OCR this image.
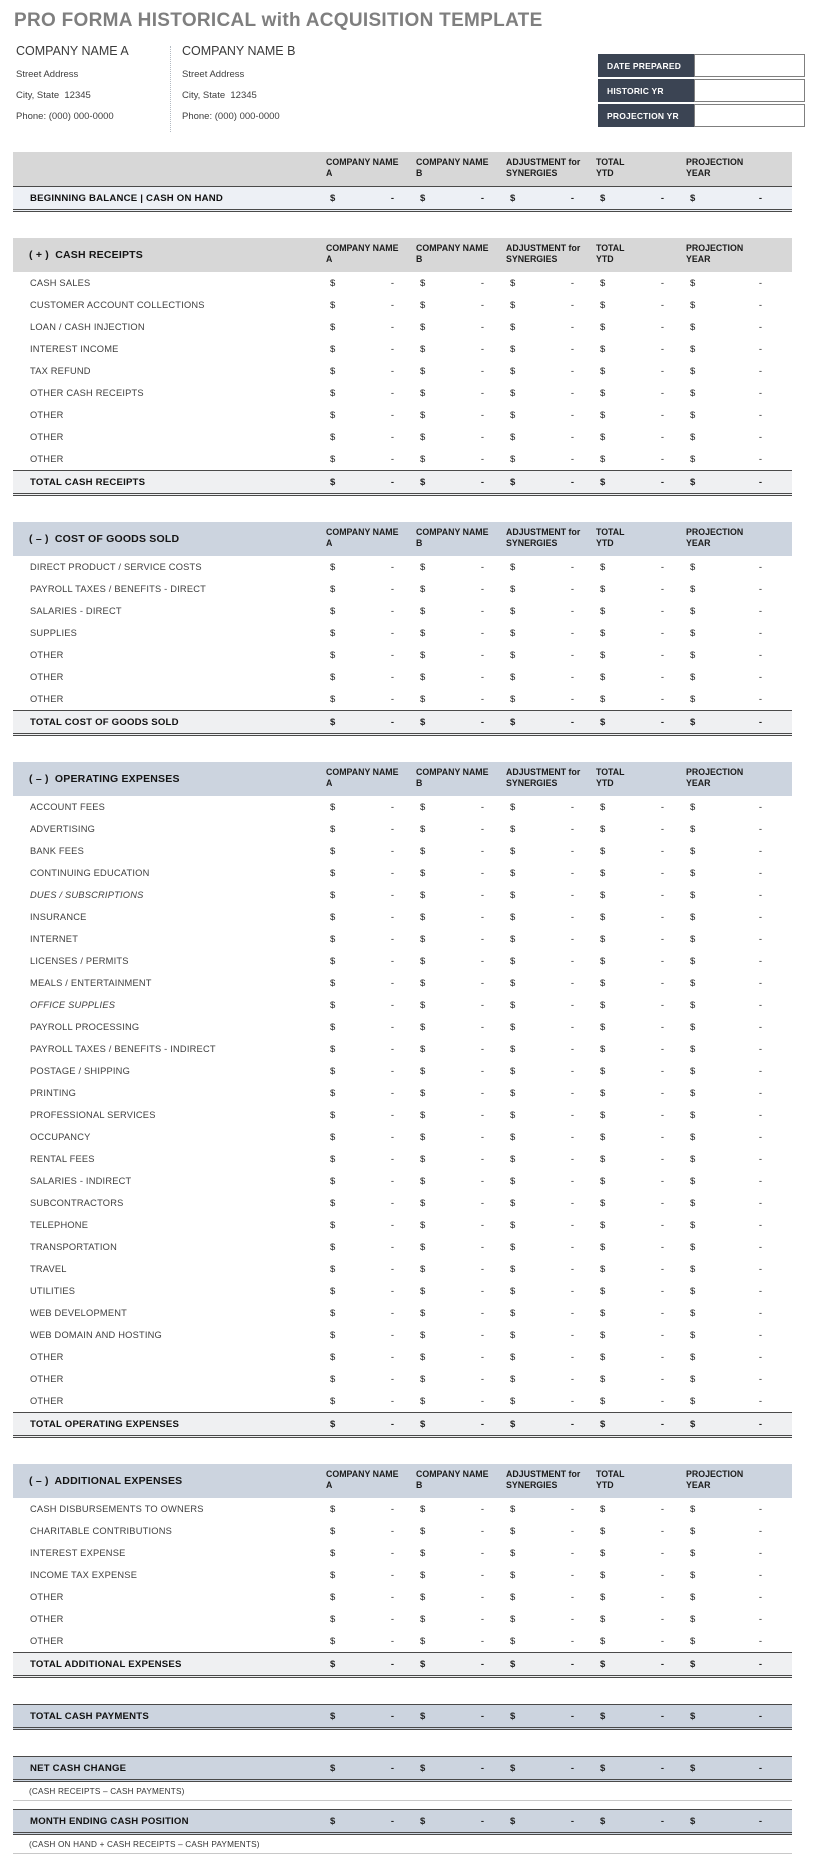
PRO FORMA HISTORICAL with ACQUISITION TEMPLATE
COMPANY NAME A
Street Address
City, State  12345
Phone: (000) 000-0000
COMPANY NAME B
Street Address
City, State  12345
Phone: (000) 000-0000
DATE PREPARED
HISTORIC YR
PROJECTION YR
COMPANY NAME
A
COMPANY NAME
B
ADJUSTMENT for
SYNERGIES
TOTAL
YTD
PROJECTION
YEAR
BEGINNING BALANCE | CASH ON HAND	$	-	$	-	$	-	$	-	$	-
( + )  CASH RECEIPTS
COMPANY NAME
A
COMPANY NAME
B
ADJUSTMENT for
SYNERGIES
TOTAL
YTD
PROJECTION
YEAR
CASH SALES	$	-	$	-	$	-	$	-	$	-
CUSTOMER ACCOUNT COLLECTIONS	$	-	$	-	$	-	$	-	$	-
LOAN / CASH INJECTION	$	-	$	-	$	-	$	-	$	-
INTEREST INCOME	$	-	$	-	$	-	$	-	$	-
TAX REFUND	$	-	$	-	$	-	$	-	$	-
OTHER CASH RECEIPTS	$	-	$	-	$	-	$	-	$	-
OTHER	$	-	$	-	$	-	$	-	$	-
OTHER	$	-	$	-	$	-	$	-	$	-
OTHER	$	-	$	-	$	-	$	-	$	-
TOTAL CASH RECEIPTS	$	-	$	-	$	-	$	-	$	-
( – )  COST OF GOODS SOLD
COMPANY NAME
A
COMPANY NAME
B
ADJUSTMENT for
SYNERGIES
TOTAL
YTD
PROJECTION
YEAR
DIRECT PRODUCT / SERVICE COSTS	$	-	$	-	$	-	$	-	$	-
PAYROLL TAXES / BENEFITS - DIRECT	$	-	$	-	$	-	$	-	$	-
SALARIES - DIRECT	$	-	$	-	$	-	$	-	$	-
SUPPLIES	$	-	$	-	$	-	$	-	$	-
OTHER	$	-	$	-	$	-	$	-	$	-
OTHER	$	-	$	-	$	-	$	-	$	-
OTHER	$	-	$	-	$	-	$	-	$	-
TOTAL COST OF GOODS SOLD	$	-	$	-	$	-	$	-	$	-
( – )  OPERATING EXPENSES
COMPANY NAME
A
COMPANY NAME
B
ADJUSTMENT for
SYNERGIES
TOTAL
YTD
PROJECTION
YEAR
ACCOUNT FEES	$	-	$	-	$	-	$	-	$	-
ADVERTISING	$	-	$	-	$	-	$	-	$	-
BANK FEES	$	-	$	-	$	-	$	-	$	-
CONTINUING EDUCATION	$	-	$	-	$	-	$	-	$	-
DUES / SUBSCRIPTIONS	$	-	$	-	$	-	$	-	$	-
INSURANCE	$	-	$	-	$	-	$	-	$	-
INTERNET	$	-	$	-	$	-	$	-	$	-
LICENSES / PERMITS	$	-	$	-	$	-	$	-	$	-
MEALS / ENTERTAINMENT	$	-	$	-	$	-	$	-	$	-
OFFICE SUPPLIES	$	-	$	-	$	-	$	-	$	-
PAYROLL PROCESSING	$	-	$	-	$	-	$	-	$	-
PAYROLL TAXES / BENEFITS - INDIRECT	$	-	$	-	$	-	$	-	$	-
POSTAGE / SHIPPING	$	-	$	-	$	-	$	-	$	-
PRINTING	$	-	$	-	$	-	$	-	$	-
PROFESSIONAL SERVICES	$	-	$	-	$	-	$	-	$	-
OCCUPANCY	$	-	$	-	$	-	$	-	$	-
RENTAL FEES	$	-	$	-	$	-	$	-	$	-
SALARIES - INDIRECT	$	-	$	-	$	-	$	-	$	-
SUBCONTRACTORS	$	-	$	-	$	-	$	-	$	-
TELEPHONE	$	-	$	-	$	-	$	-	$	-
TRANSPORTATION	$	-	$	-	$	-	$	-	$	-
TRAVEL	$	-	$	-	$	-	$	-	$	-
UTILITIES	$	-	$	-	$	-	$	-	$	-
WEB DEVELOPMENT	$	-	$	-	$	-	$	-	$	-
WEB DOMAIN AND HOSTING	$	-	$	-	$	-	$	-	$	-
OTHER	$	-	$	-	$	-	$	-	$	-
OTHER	$	-	$	-	$	-	$	-	$	-
OTHER	$	-	$	-	$	-	$	-	$	-
TOTAL OPERATING EXPENSES	$	-	$	-	$	-	$	-	$	-
( – )  ADDITIONAL EXPENSES
COMPANY NAME
A
COMPANY NAME
B
ADJUSTMENT for
SYNERGIES
TOTAL
YTD
PROJECTION
YEAR
CASH DISBURSEMENTS TO OWNERS	$	-	$	-	$	-	$	-	$	-
CHARITABLE CONTRIBUTIONS	$	-	$	-	$	-	$	-	$	-
INTEREST EXPENSE	$	-	$	-	$	-	$	-	$	-
INCOME TAX EXPENSE	$	-	$	-	$	-	$	-	$	-
OTHER	$	-	$	-	$	-	$	-	$	-
OTHER	$	-	$	-	$	-	$	-	$	-
OTHER	$	-	$	-	$	-	$	-	$	-
TOTAL ADDITIONAL EXPENSES	$	-	$	-	$	-	$	-	$	-
TOTAL CASH PAYMENTS	$	-	$	-	$	-	$	-	$	-
NET CASH CHANGE	$	-	$	-	$	-	$	-	$	-
(CASH RECEIPTS – CASH PAYMENTS)
MONTH ENDING CASH POSITION	$	-	$	-	$	-	$	-	$	-
(CASH ON HAND + CASH RECEIPTS – CASH PAYMENTS)
